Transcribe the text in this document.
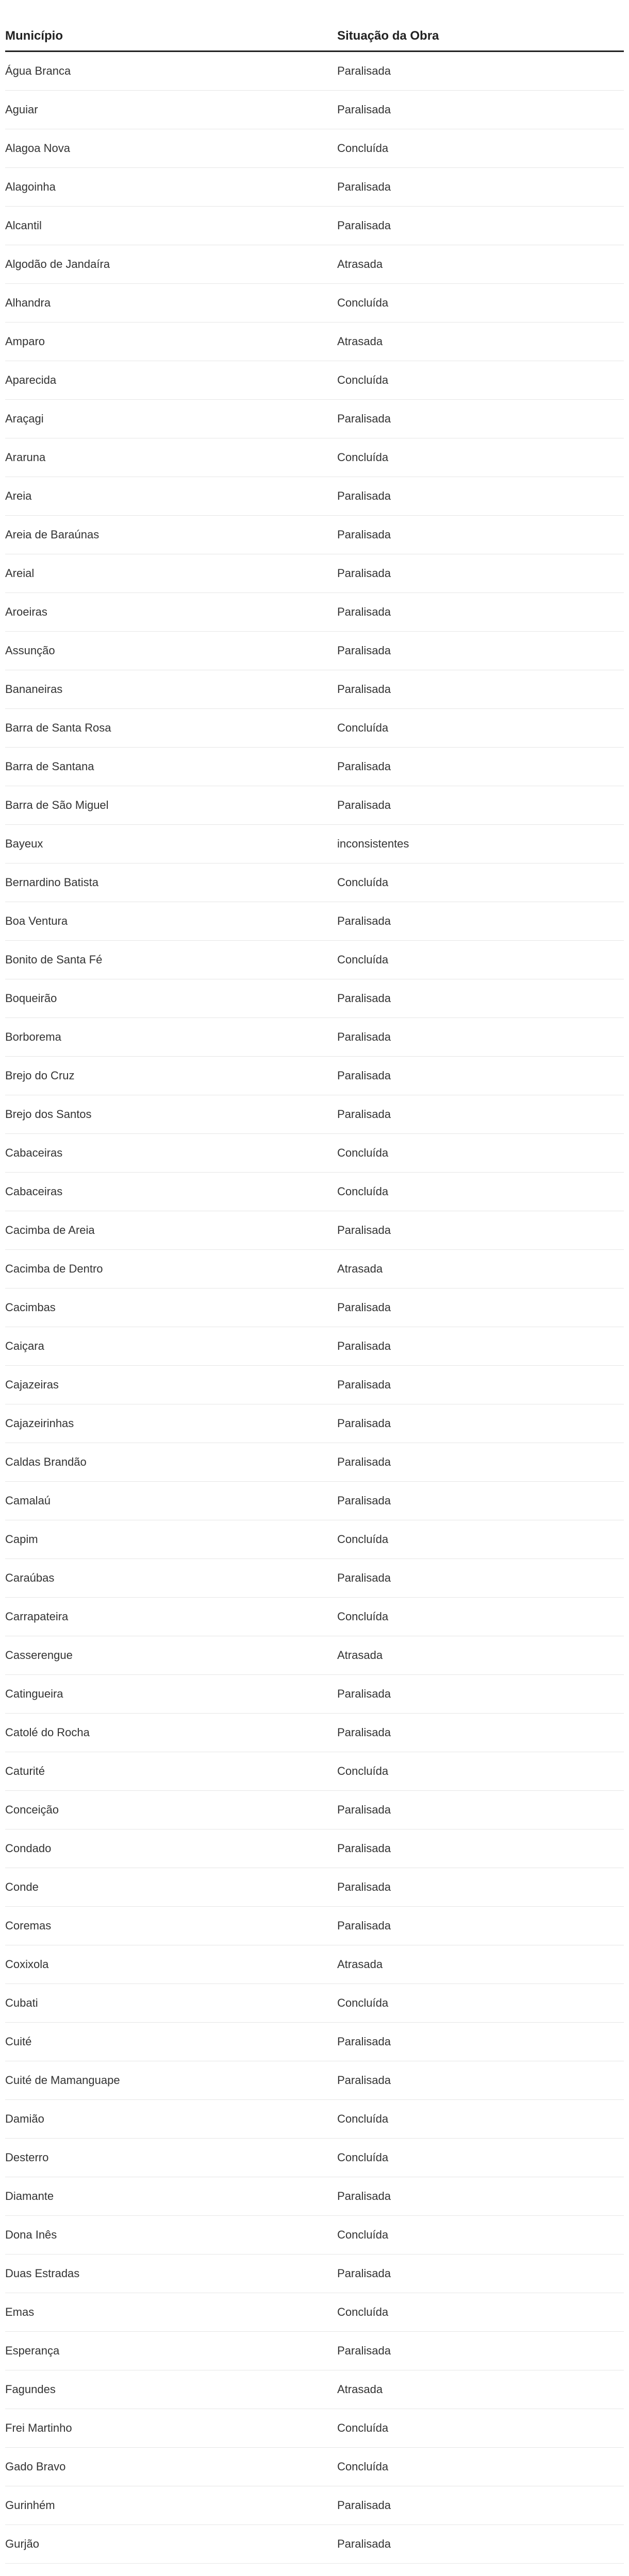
Município	Situação da Obra
Água Branca	Paralisada
Aguiar	Paralisada
Alagoa Nova	Concluída
Alagoinha	Paralisada
Alcantil	Paralisada
Algodão de Jandaíra	Atrasada
Alhandra	Concluída
Amparo	Atrasada
Aparecida	Concluída
Araçagi	Paralisada
Araruna	Concluída
Areia	Paralisada
Areia de Baraúnas	Paralisada
Areial	Paralisada
Aroeiras	Paralisada
Assunção	Paralisada
Bananeiras	Paralisada
Barra de Santa Rosa	Concluída
Barra de Santana	Paralisada
Barra de São Miguel	Paralisada
Bayeux	inconsistentes
Bernardino Batista	Concluída
Boa Ventura	Paralisada
Bonito de Santa Fé	Concluída
Boqueirão	Paralisada
Borborema	Paralisada
Brejo do Cruz	Paralisada
Brejo dos Santos	Paralisada
Cabaceiras	Concluída
Cabaceiras	Concluída
Cacimba de Areia	Paralisada
Cacimba de Dentro	Atrasada
Cacimbas	Paralisada
Caiçara	Paralisada
Cajazeiras	Paralisada
Cajazeirinhas	Paralisada
Caldas Brandão	Paralisada
Camalaú	Paralisada
Capim	Concluída
Caraúbas	Paralisada
Carrapateira	Concluída
Casserengue	Atrasada
Catingueira	Paralisada
Catolé do Rocha	Paralisada
Caturité	Concluída
Conceição	Paralisada
Condado	Paralisada
Conde	Paralisada
Coremas	Paralisada
Coxixola	Atrasada
Cubati	Concluída
Cuité	Paralisada
Cuité de Mamanguape	Paralisada
Damião	Concluída
Desterro	Concluída
Diamante	Paralisada
Dona Inês	Concluída
Duas Estradas	Paralisada
Emas	Concluída
Esperança	Paralisada
Fagundes	Atrasada
Frei Martinho	Concluída
Gado Bravo	Concluída
Gurinhém	Paralisada
Gurjão	Paralisada
